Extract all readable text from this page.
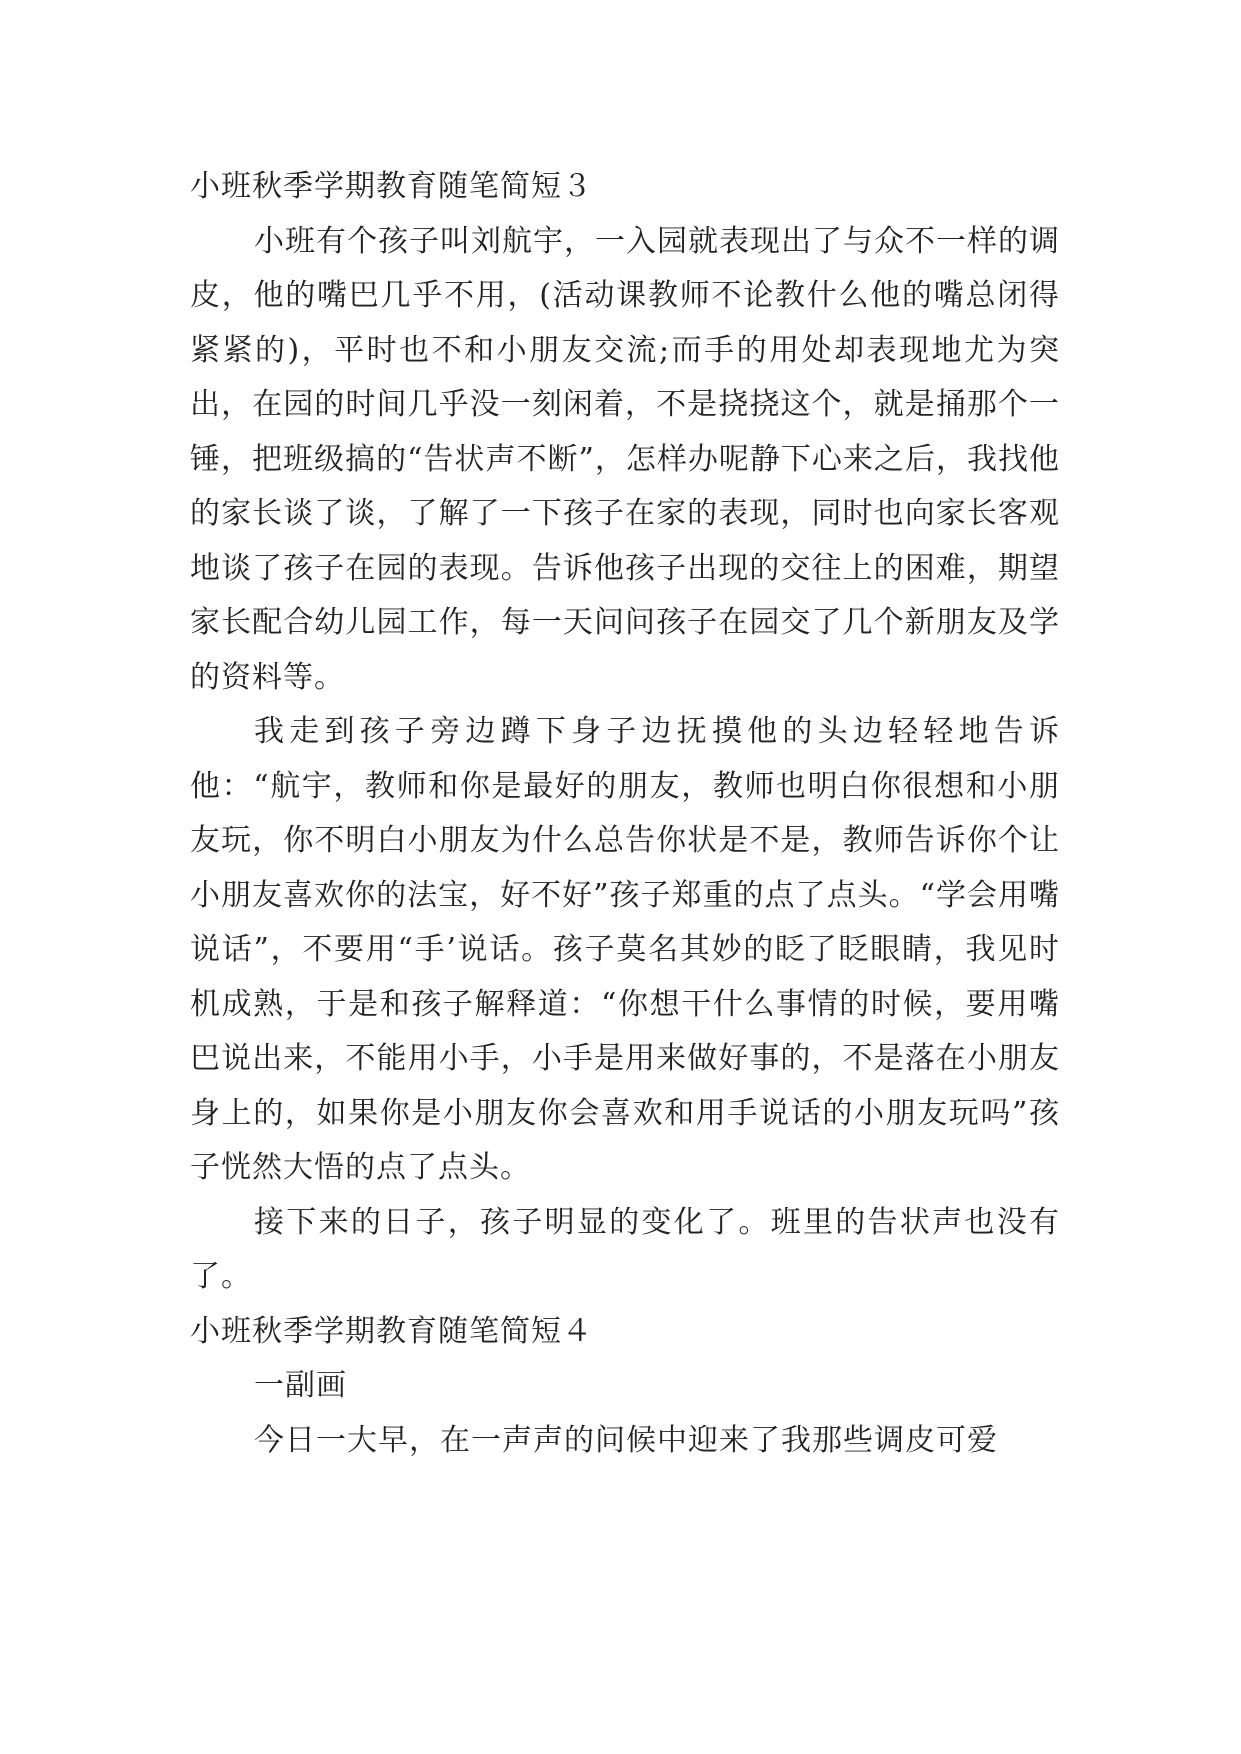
小班秋季学期教育随笔简短３

小班有个孩子叫刘航宇，一入园就表现出了与众不一样的调皮，他的嘴巴几乎不用，(活动课教师不论教什么他的嘴总闭得紧紧的)，平时也不和小朋友交流;而手的用处却表现地尤为突出，在园的时间几乎没一刻闲着，不是挠挠这个，就是捅那个一锤，把班级搞的“告状声不断”，怎样办呢静下心来之后，我找他的家长谈了谈，了解了一下孩子在家的表现，同时也向家长客观地谈了孩子在园的表现。告诉他孩子出现的交往上的困难，期望家长配合幼儿园工作，每一天问问孩子在园交了几个新朋友及学的资料等。

我走到孩子旁边蹲下身子边抚摸他的头边轻轻地告诉他：“航宇，教师和你是最好的朋友，教师也明白你很想和小朋友玩，你不明白小朋友为什么总告你状是不是，教师告诉你个让小朋友喜欢你的法宝，好不好”孩子郑重的点了点头。“学会用嘴说话”，不要用“手’说话。孩子莫名其妙的眨了眨眼睛，我见时机成熟，于是和孩子解释道：“你想干什么事情的时候，要用嘴巴说出来，不能用小手，小手是用来做好事的，不是落在小朋友身上的，如果你是小朋友你会喜欢和用手说话的小朋友玩吗”孩子恍然大悟的点了点头。

接下来的日子，孩子明显的变化了。班里的告状声也没有了。

小班秋季学期教育随笔简短４

一副画

今日一大早，在一声声的问候中迎来了我那些调皮可爱
